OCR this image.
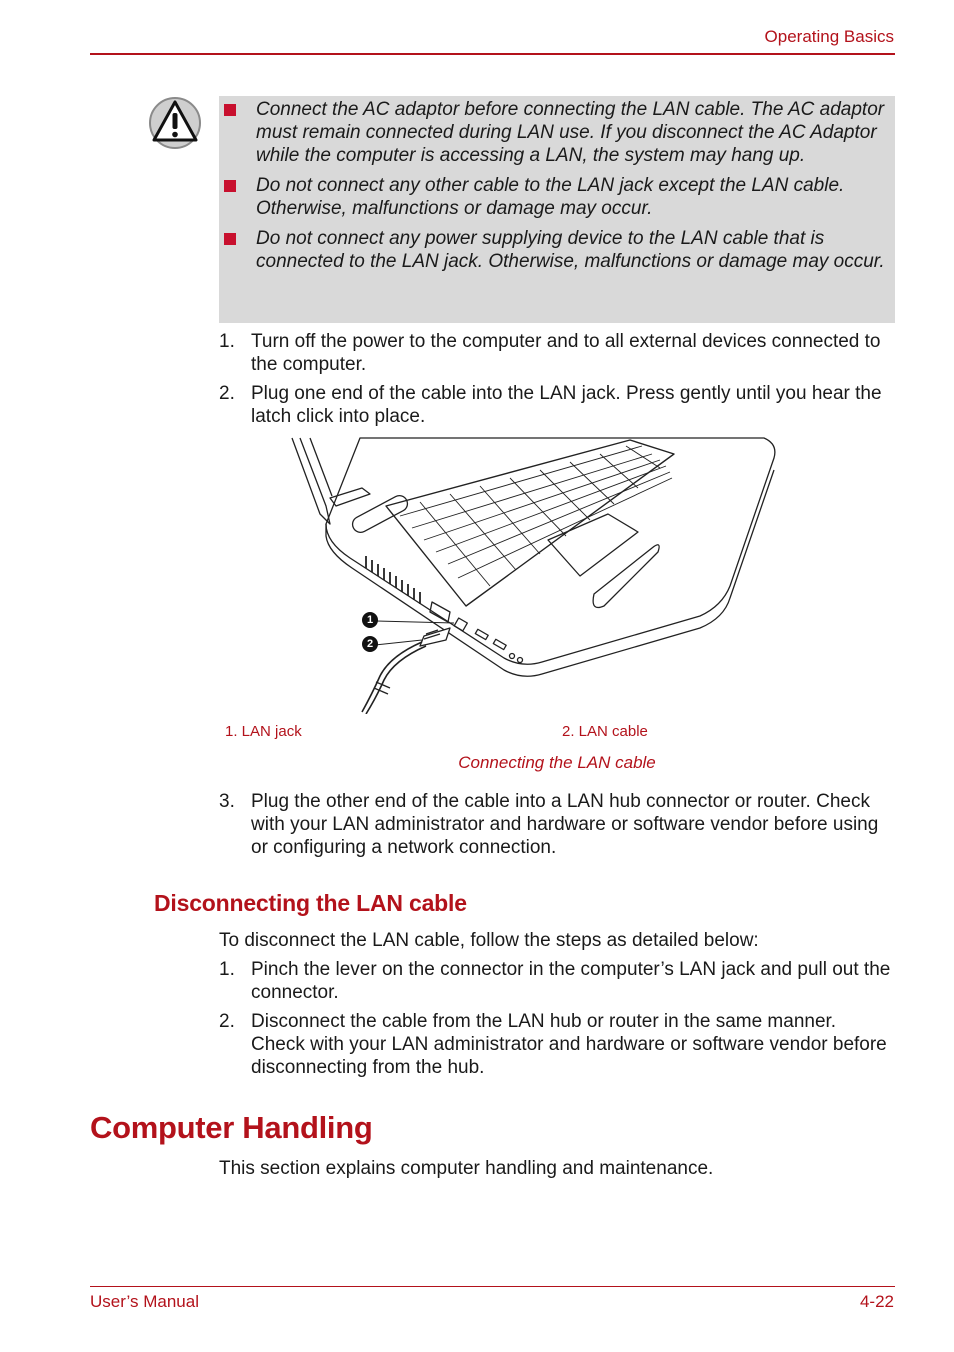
Operating Basics
Connect the AC adaptor before connecting the LAN cable. The AC adaptor must remain connected during LAN use. If you disconnect the AC Adaptor while the computer is accessing a LAN, the system may hang up.
Do not connect any other cable to the LAN jack except the LAN cable. Otherwise, malfunctions or damage may occur.
Do not connect any power supplying device to the LAN cable that is connected to the LAN jack. Otherwise, malfunctions or damage may occur.
1. Turn off the power to the computer and to all external devices connected to the computer.
2. Plug one end of the cable into the LAN jack. Press gently until you hear the latch click into place.
1
2
1. LAN jack	2. LAN cable
Connecting the LAN cable
3. Plug the other end of the cable into a LAN hub connector or router. Check with your LAN administrator and hardware or software vendor before using or configuring a network connection.
Disconnecting the LAN cable
To disconnect the LAN cable, follow the steps as detailed below:
1. Pinch the lever on the connector in the computer’s LAN jack and pull out the connector.
2. Disconnect the cable from the LAN hub or router in the same manner. Check with your LAN administrator and hardware or software vendor before disconnecting from the hub.
Computer Handling
This section explains computer handling and maintenance.
User’s Manual	4-22
